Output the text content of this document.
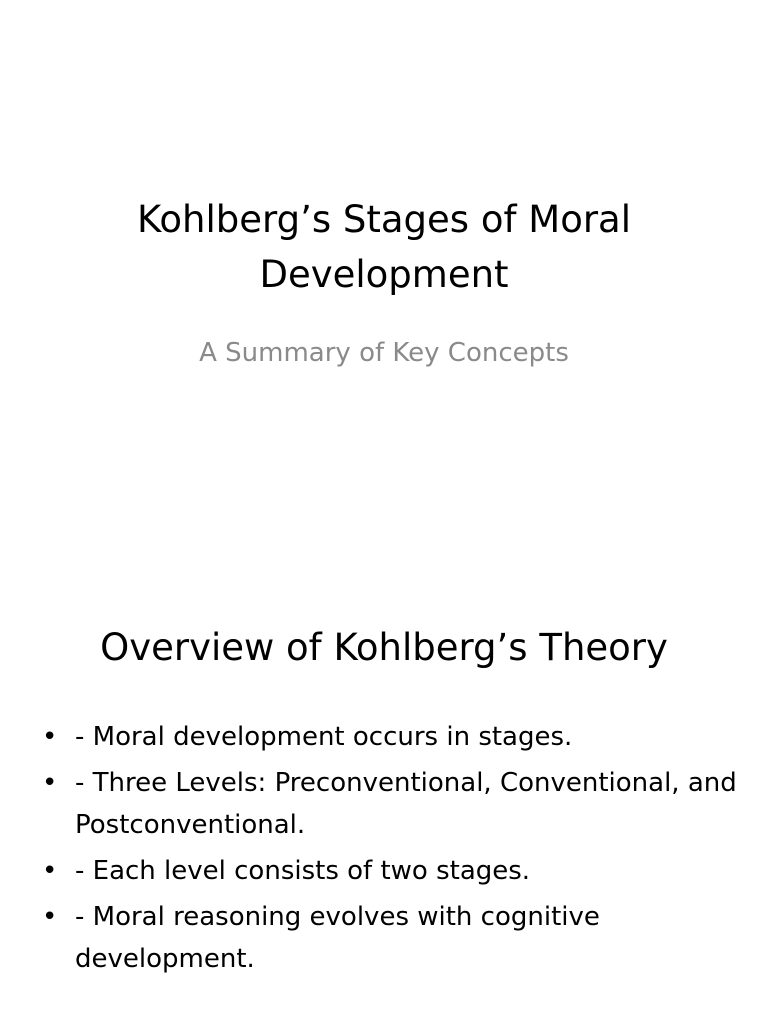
Kohlberg’s Stages of Moral Development

A Summary of Key Concepts

Overview of Kohlberg’s Theory
• - Moral development occurs in stages.
• - Three Levels: Preconventional, Conventional, and Postconventional.
• - Each level consists of two stages.
• - Moral reasoning evolves with cognitive development.
